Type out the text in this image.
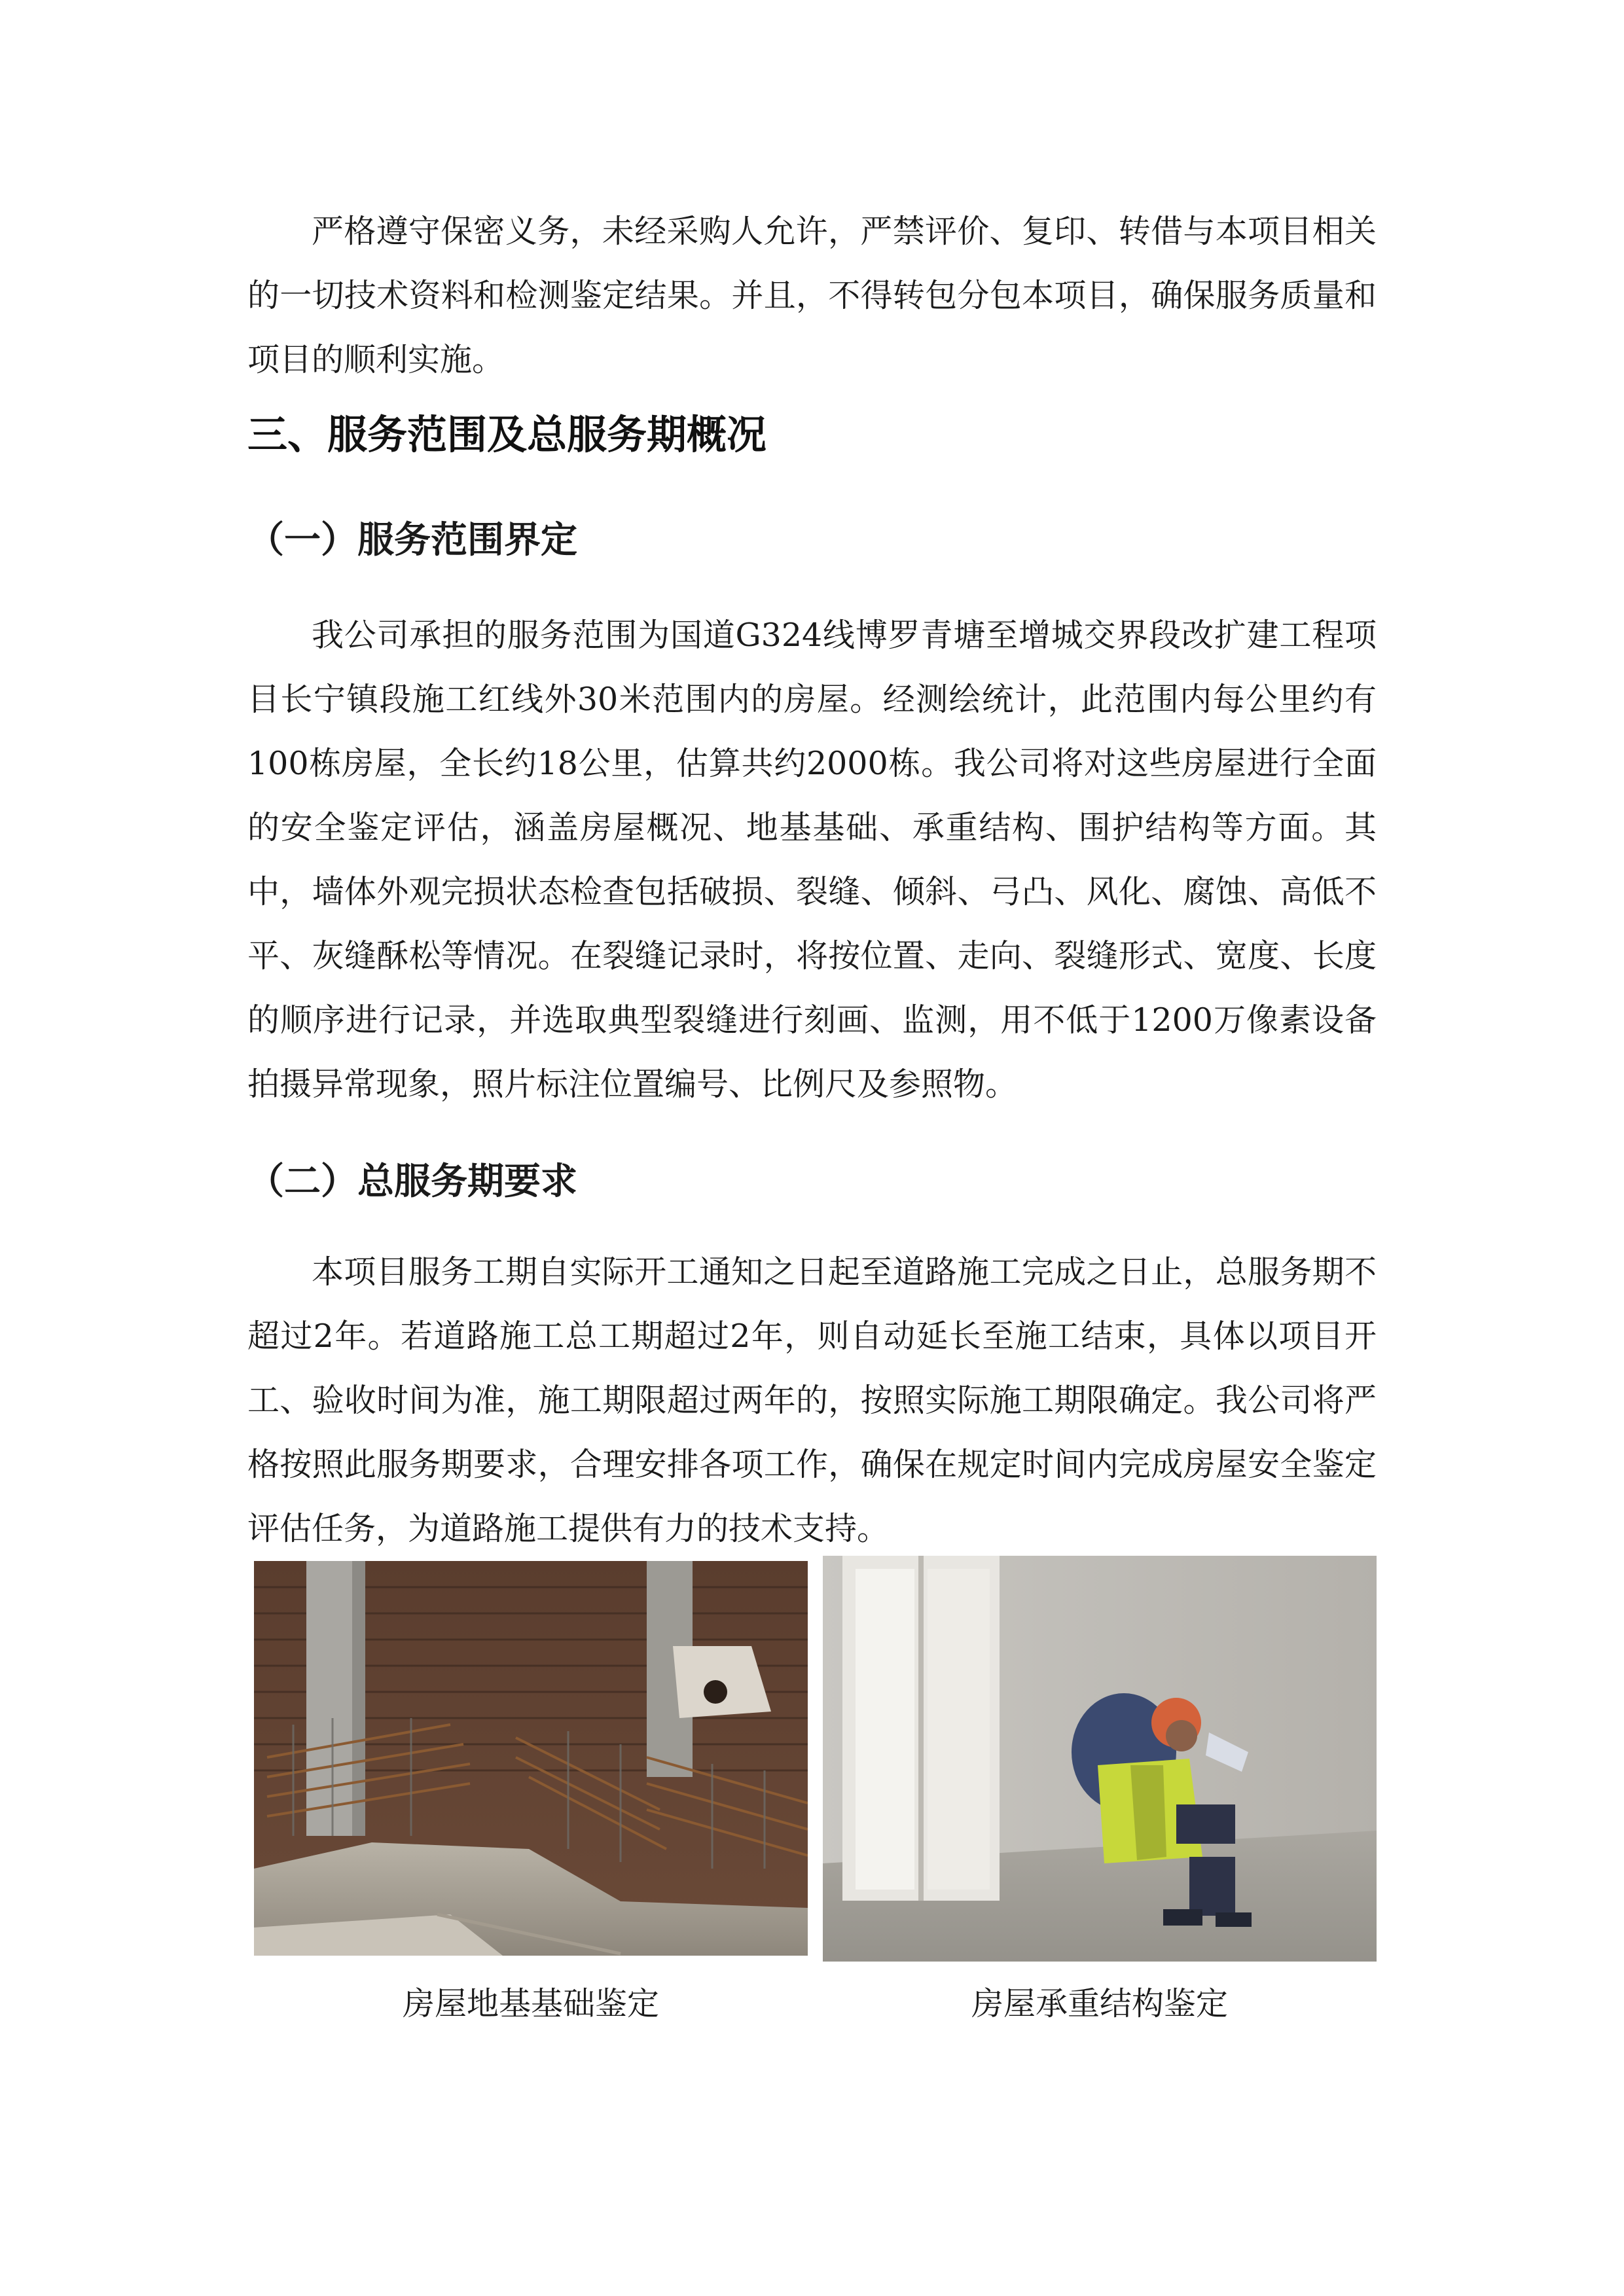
严格遵守保密义务，未经采购人允许，严禁评价、复印、转借与本项目相关的一切技术资料和检测鉴定结果。并且，不得转包分包本项目，确保服务质量和项目的顺利实施。

三、服务范围及总服务期概况
（一）服务范围界定

我公司承担的服务范围为国道G324线博罗青塘至增城交界段改扩建工程项目长宁镇段施工红线外30米范围内的房屋。经测绘统计，此范围内每公里约有100栋房屋，全长约18公里，估算共约2000栋。我公司将对这些房屋进行全面的安全鉴定评估，涵盖房屋概况、地基基础、承重结构、围护结构等方面。其中，墙体外观完损状态检查包括破损、裂缝、倾斜、弓凸、风化、腐蚀、高低不平、灰缝酥松等情况。在裂缝记录时，将按位置、走向、裂缝形式、宽度、长度的顺序进行记录，并选取典型裂缝进行刻画、监测，用不低于1200万像素设备拍摄异常现象，照片标注位置编号、比例尺及参照物。

（二）总服务期要求

本项目服务工期自实际开工通知之日起至道路施工完成之日止，总服务期不超过2年。若道路施工总工期超过2年，则自动延长至施工结束，具体以项目开工、验收时间为准，施工期限超过两年的，按照实际施工期限确定。我公司将严格按照此服务期要求，合理安排各项工作，确保在规定时间内完成房屋安全鉴定评估任务，为道路施工提供有力的技术支持。

房屋地基基础鉴定	房屋承重结构鉴定
